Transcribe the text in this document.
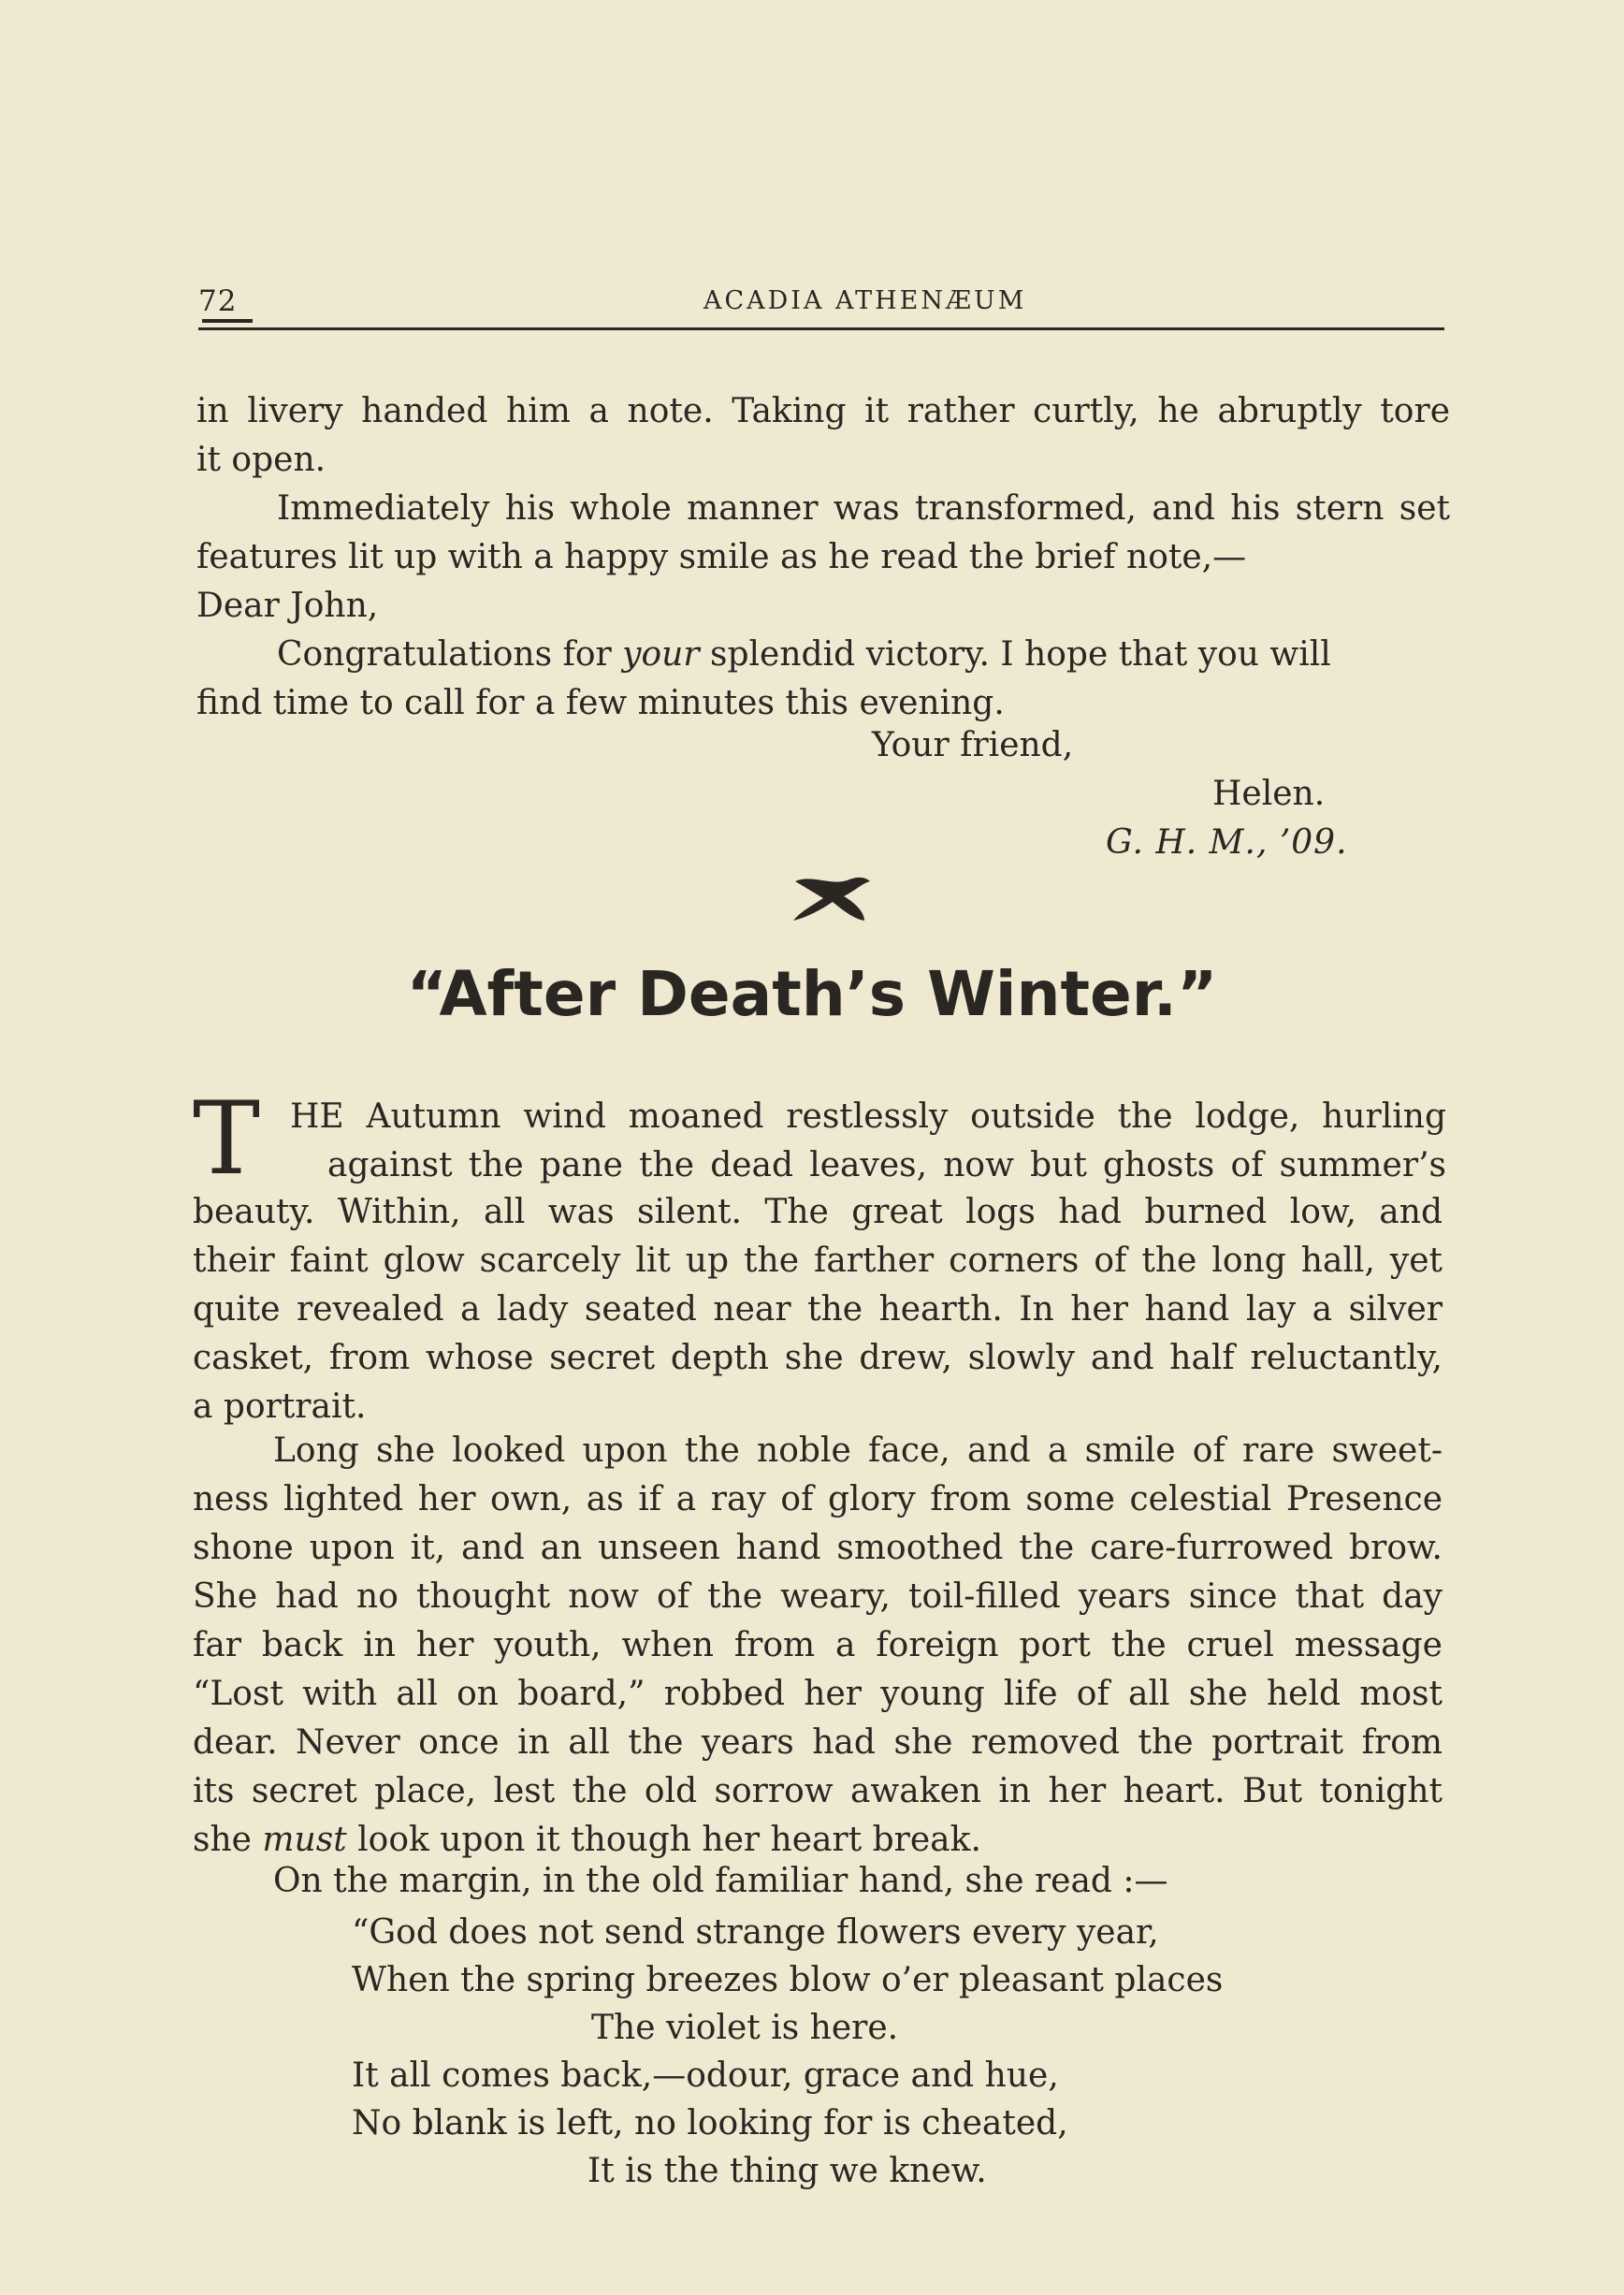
72	ACADIA ATHENÆUM
in livery handed him a note. Taking it rather curtly, he abruptly tore
it open.
Immediately his whole manner was transformed, and his stern set
features lit up with a happy smile as he read the brief note,—
Dear John,
Congratulations for your splendid victory. I hope that you will
find time to call for a few minutes this evening.
Your friend,
Helen.
G. H. M., ’09.
“After Death’s Winter.”
T HE Autumn wind moaned restlessly outside the lodge, hurling
against the pane the dead leaves, now but ghosts of summer’s
beauty. Within, all was silent. The great logs had burned low, and
their faint glow scarcely lit up the farther corners of the long hall, yet
quite revealed a lady seated near the hearth. In her hand lay a silver
casket, from whose secret depth she drew, slowly and half reluctantly,
a portrait.
Long she looked upon the noble face, and a smile of rare sweet-
ness lighted her own, as if a ray of glory from some celestial Presence
shone upon it, and an unseen hand smoothed the care-furrowed brow.
She had no thought now of the weary, toil-filled years since that day
far back in her youth, when from a foreign port the cruel message
“Lost with all on board,” robbed her young life of all she held most
dear. Never once in all the years had she removed the portrait from
its secret place, lest the old sorrow awaken in her heart. But tonight
she must look upon it though her heart break.
On the margin, in the old familiar hand, she read :—
“God does not send strange flowers every year,
When the spring breezes blow o’er pleasant places
The violet is here.
It all comes back,—odour, grace and hue,
No blank is left, no looking for is cheated,
It is the thing we knew.
